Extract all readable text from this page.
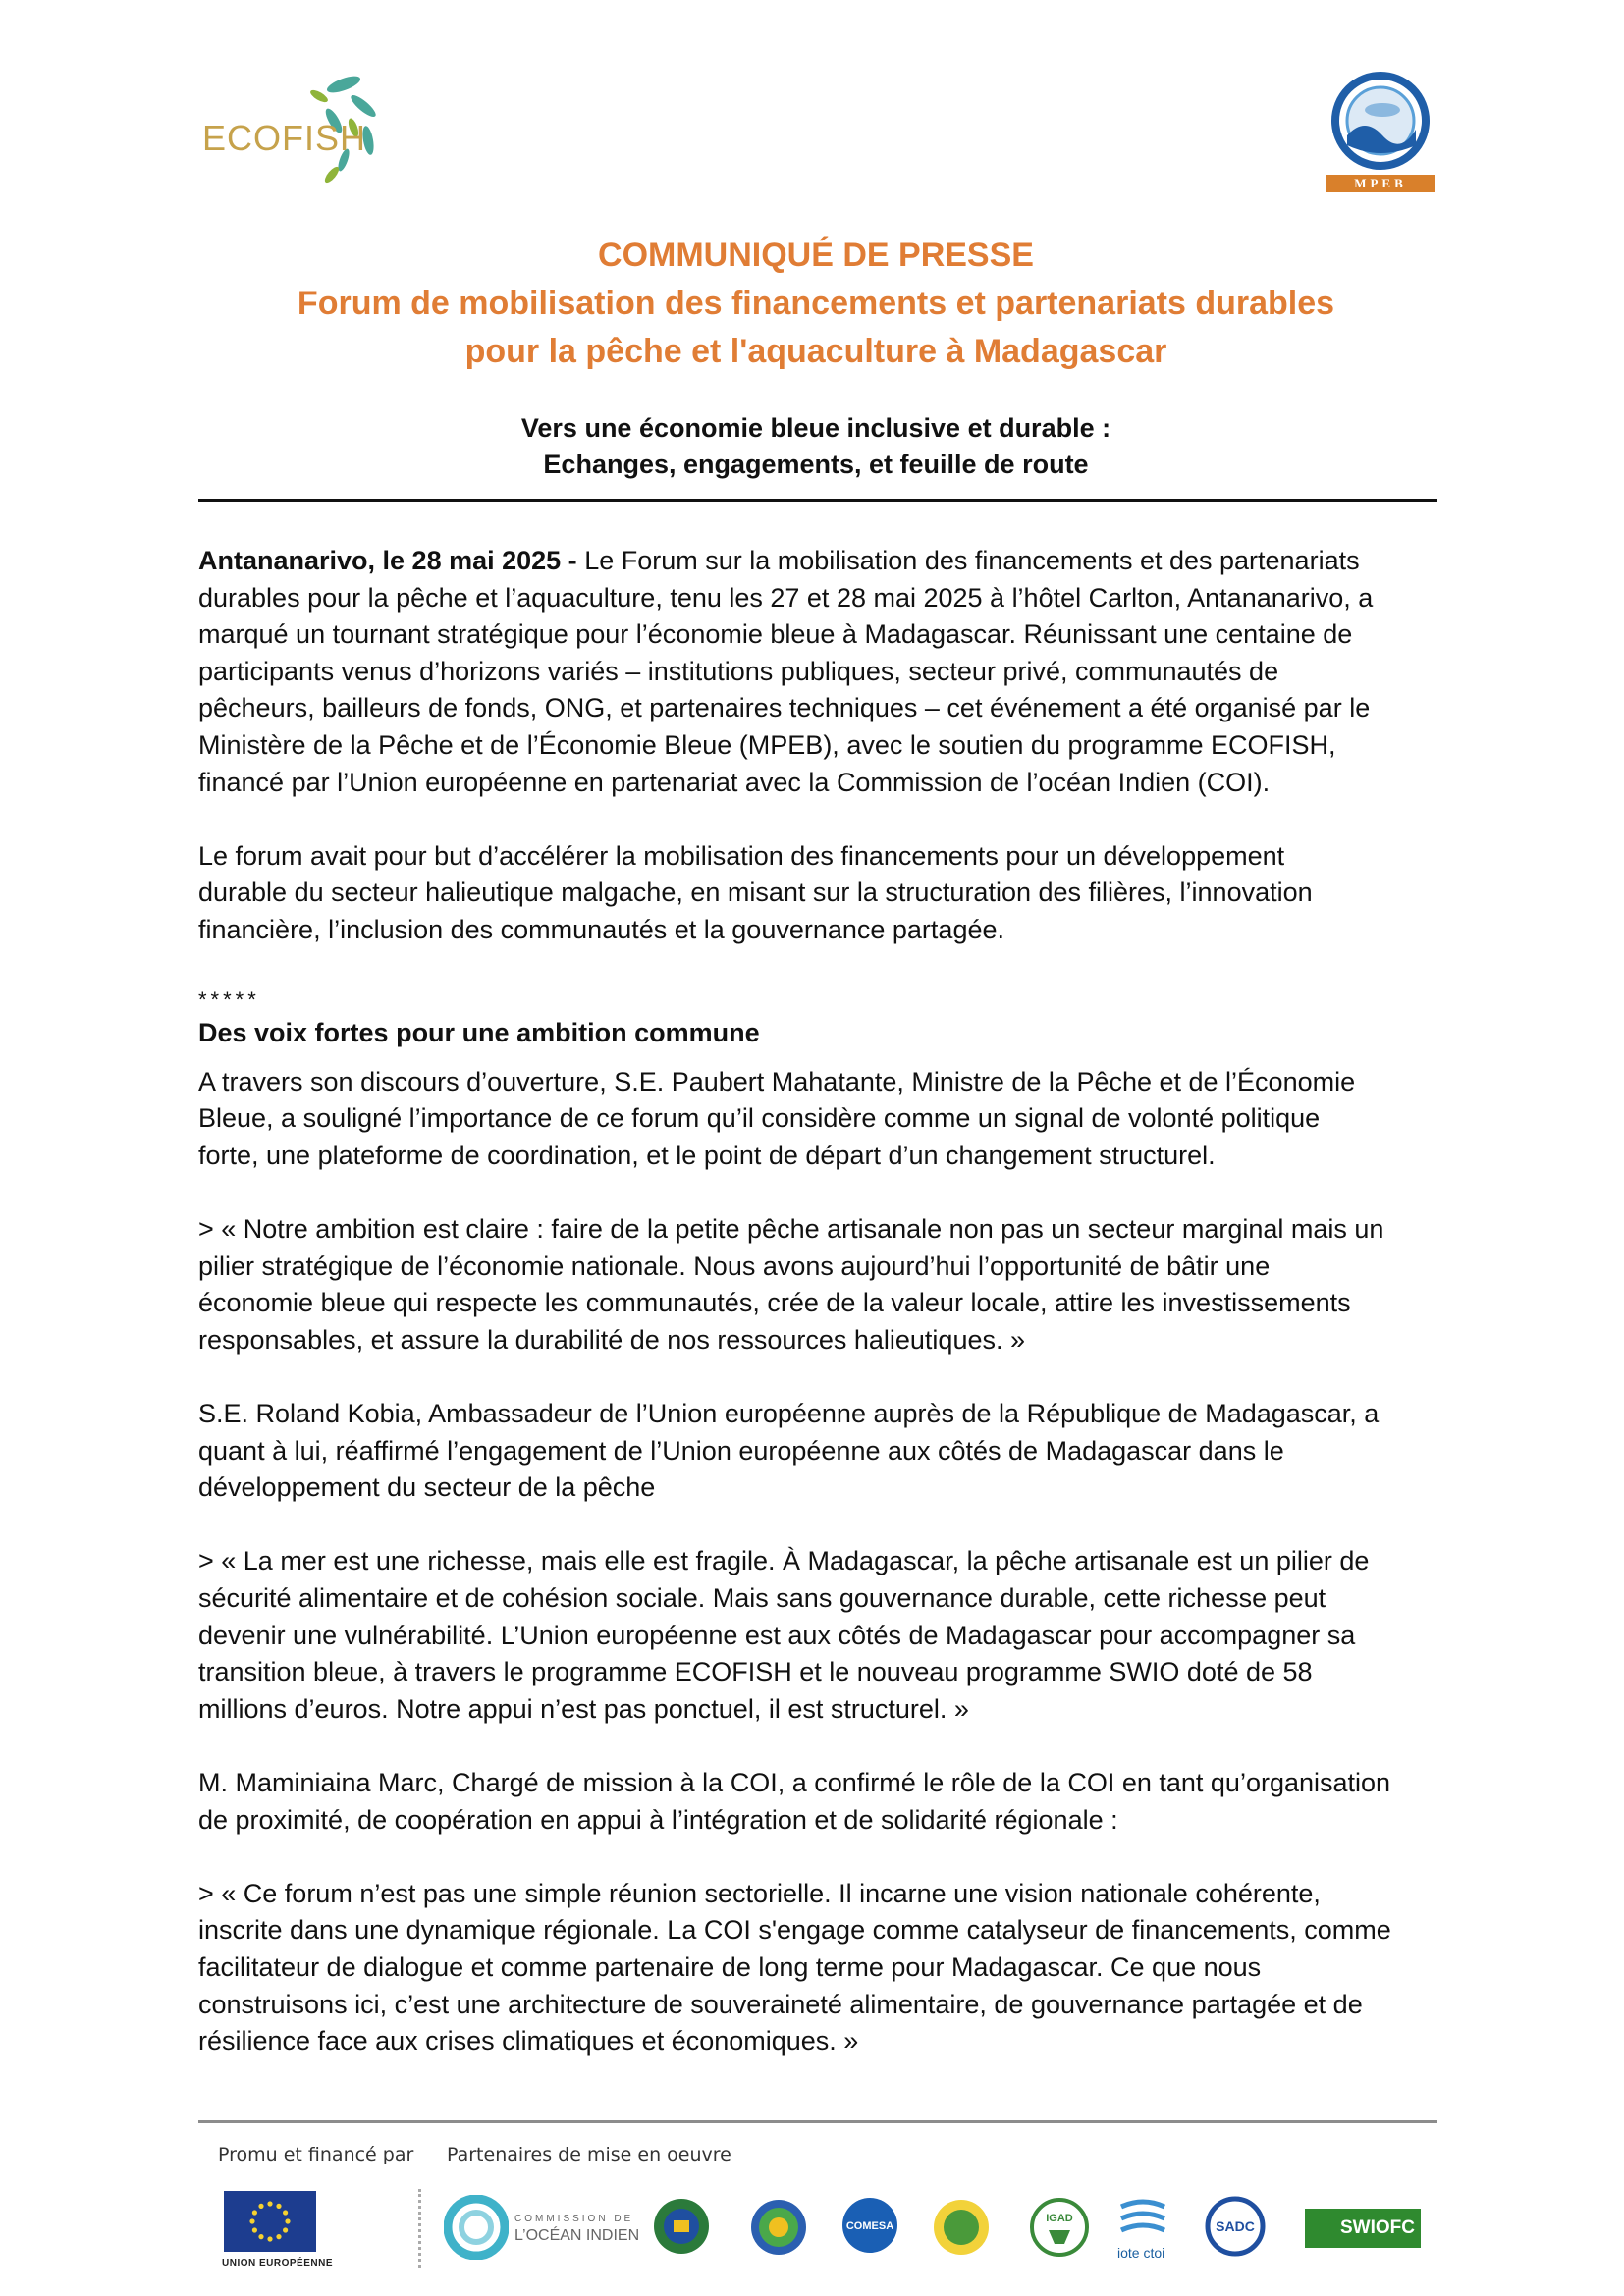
ECOFISH
MPEB

COMMUNIQUÉ DE PRESSE

Forum de mobilisation des financements et partenariats durables

pour la pêche et l'aquaculture à Madagascar

Vers une économie bleue inclusive et durable :

Echanges, engagements, et feuille de route

Antananarivo, le 28 mai 2025 - Le Forum sur la mobilisation des financements et des partenariats

durables pour la pêche et l’aquaculture, tenu les 27 et 28 mai 2025 à l’hôtel Carlton, Antananarivo, a

marqué un tournant stratégique pour l’économie bleue à Madagascar. Réunissant une centaine de

participants venus d’horizons variés – institutions publiques, secteur privé, communautés de

pêcheurs, bailleurs de fonds, ONG, et partenaires techniques – cet événement a été organisé par le

Ministère de la Pêche et de l’Économie Bleue (MPEB), avec le soutien du programme ECOFISH,

financé par l’Union européenne en partenariat avec la Commission de l’océan Indien (COI).

Le forum avait pour but d’accélérer la mobilisation des financements pour un développement

durable du secteur halieutique malgache, en misant sur la structuration des filières, l’innovation

financière, l’inclusion des communautés et la gouvernance partagée.

*****

Des voix fortes pour une ambition commune

A travers son discours d’ouverture, S.E. Paubert Mahatante, Ministre de la Pêche et de l’Économie

Bleue, a souligné l’importance de ce forum qu’il considère comme un signal de volonté politique

forte, une plateforme de coordination, et le point de départ d’un changement structurel.

> « Notre ambition est claire : faire de la petite pêche artisanale non pas un secteur marginal mais un

pilier stratégique de l’économie nationale. Nous avons aujourd’hui l’opportunité de bâtir une

économie bleue qui respecte les communautés, crée de la valeur locale, attire les investissements

responsables, et assure la durabilité de nos ressources halieutiques. »

S.E. Roland Kobia, Ambassadeur de l’Union européenne auprès de la République de Madagascar, a

quant à lui, réaffirmé l’engagement de l’Union européenne aux côtés de Madagascar dans le

développement du secteur de la pêche

> « La mer est une richesse, mais elle est fragile. À Madagascar, la pêche artisanale est un pilier de

sécurité alimentaire et de cohésion sociale. Mais sans gouvernance durable, cette richesse peut

devenir une vulnérabilité. L’Union européenne est aux côtés de Madagascar pour accompagner sa

transition bleue, à travers le programme ECOFISH et le nouveau programme SWIO doté de 58

millions d’euros. Notre appui n’est pas ponctuel, il est structurel. »

M. Maminiaina Marc, Chargé de mission à la COI, a confirmé le rôle de la COI en tant qu’organisation

de proximité, de coopération en appui à l’intégration et de solidarité régionale :

> « Ce forum n’est pas une simple réunion sectorielle. Il incarne une vision nationale cohérente,

inscrite dans une dynamique régionale. La COI s'engage comme catalyseur de financements, comme

facilitateur de dialogue et comme partenaire de long terme pour Madagascar. Ce que nous

construisons ici, c’est une architecture de souveraineté alimentaire, de gouvernance partagée et de

résilience face aux crises climatiques et économiques. »

Promu et financé par Partenaires de mise en oeuvre
UNION EUROPÉENNE
COMMISSION DE
L’OCÉAN INDIEN
COMESA
IGAD
iote ctoi
SADC	SWIOFC
